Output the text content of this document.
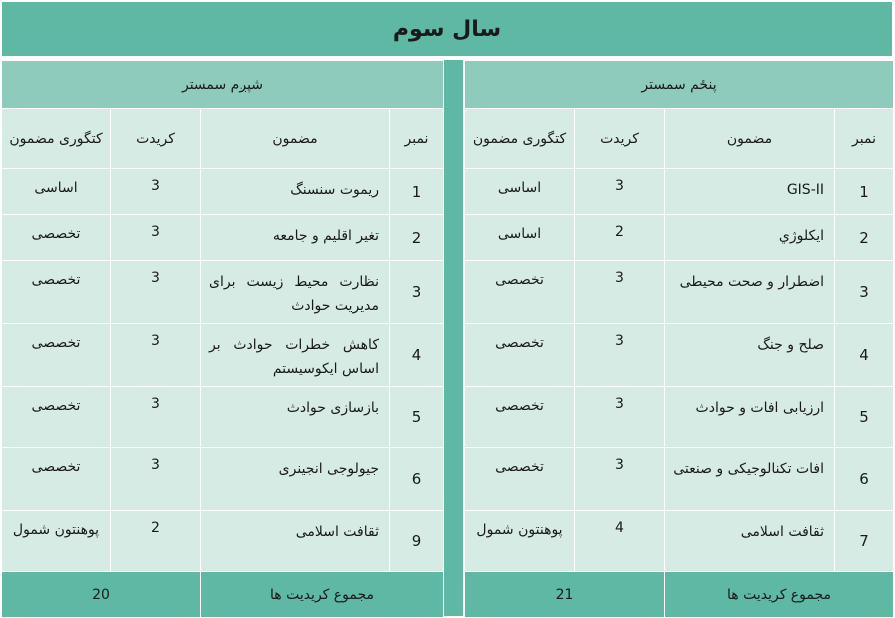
سال سوم
پنځم سمستر			
نمبر	مضمون	کریدت	کتگوری مضمون
1	GIS-II	3	اساسی
2	ایکلوژي	2	اساسی
3	اضطرار و صحت محیطی	3	تخصصی
4	صلح و جنگ	3	تخصصی
5	ارزیابی افات و حوادث	3	تخصصی
6	افات تکنالوجیکی و صنعتی	3	تخصصی
7	ثقافت اسلامی	4	پوهنتون شمول
مجموع کریدیت ها		21	
شپږم سمستر			
نمبر	مضمون	کریدت	کتگوری مضمون
1	ریموت سنسنگ	3	اساسی
2	تغیر اقلیم و جامعه	3	تخصصی
3	نظارت محیط زیست برای مدیریت حوادث	3	تخصصی
4	کاهش خطرات حوادث بر اساس ایکوسیستم	3	تخصصی
5	بازسازی حوادث	3	تخصصی
6	جیولوجی انجینری	3	تخصصی
9	ثقافت اسلامی	2	پوهنتون شمول
مجموع کریدیت ها		20	
